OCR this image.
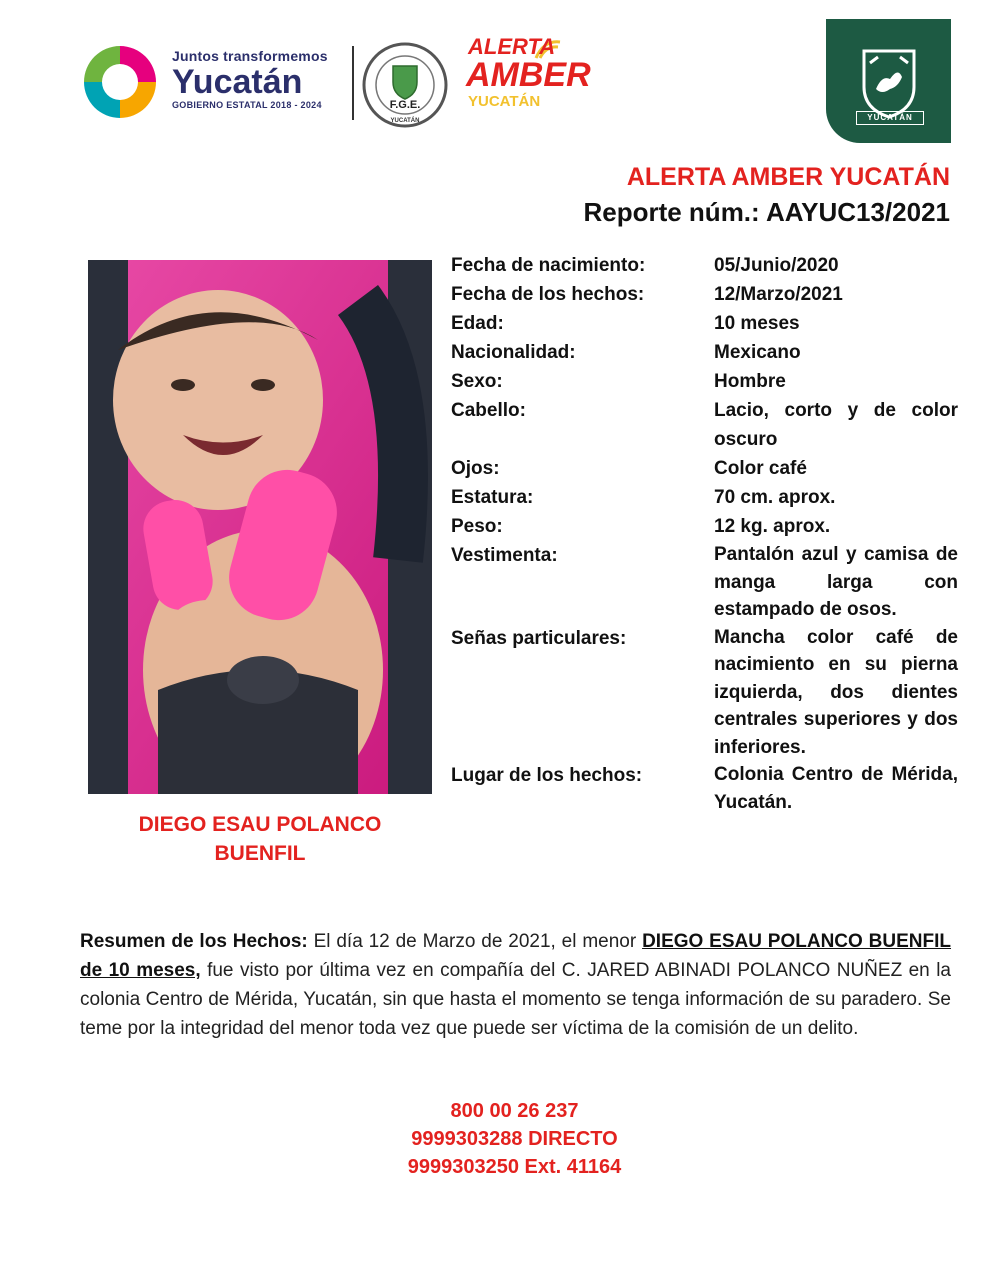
Juntos transformemos
Yucatán
GOBIERNO ESTATAL 2018 - 2024	F.G.E.
YUCATÁN
ALERTA
AMBER
YUCATÁN
YUCATÁN
ALERTA AMBER YUCATÁN
Reporte núm.: AAYUC13/2021
DIEGO ESAU POLANCO BUENFIL
Fecha de nacimiento:	05/Junio/2020
Fecha de los hechos:	12/Marzo/2021
Edad:	10 meses
Nacionalidad:	Mexicano
Sexo:	Hombre
Cabello:	Lacio, corto y de color oscuro
Ojos:	Color café
Estatura:	70 cm. aprox.
Peso:	12 kg. aprox.
Vestimenta:	Pantalón azul y camisa de manga larga con estampado de osos.
Señas particulares:	Mancha color café de nacimiento en su pierna izquierda, dos dientes centrales superiores y dos inferiores.
Lugar de los hechos:	Colonia Centro de Mérida, Yucatán.
Resumen de los Hechos: El día 12 de Marzo de 2021, el menor DIEGO ESAU POLANCO BUENFIL de 10 meses, fue visto por última vez en compañía del C. JARED ABINADI POLANCO NUÑEZ en la colonia Centro de Mérida, Yucatán, sin que hasta el momento se tenga información de su paradero. Se teme por la integridad del menor toda vez que puede ser víctima de la comisión de un delito.
800 00 26 237
9999303288 DIRECTO
9999303250 Ext. 41164
